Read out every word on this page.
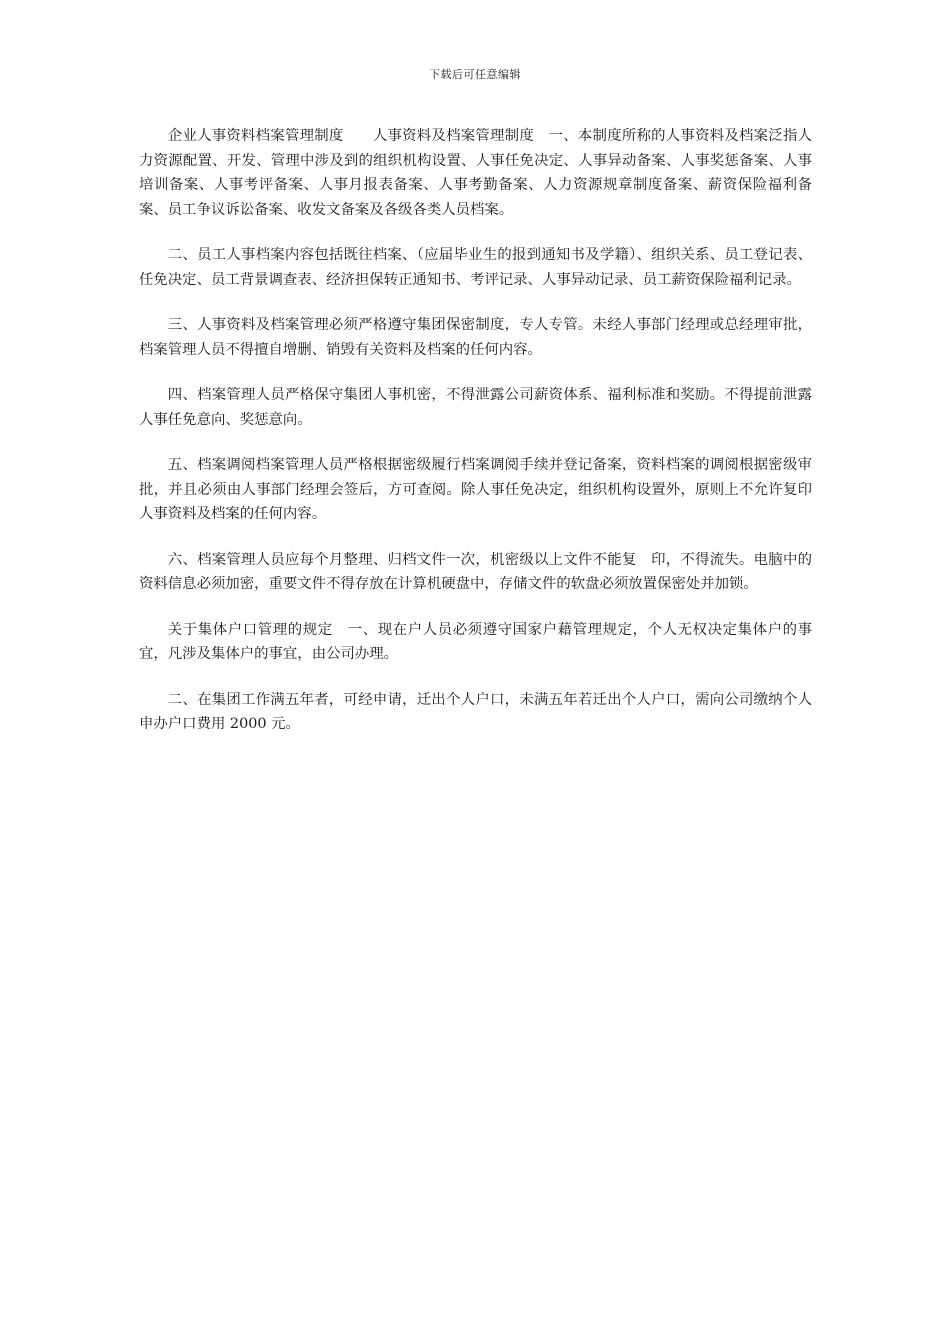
下载后可任意编辑

企业人事资料档案管理制度　　人事资料及档案管理制度　一、本制度所称的人事资料及档案泛指人力资源配置、开发、管理中涉及到的组织机构设置、人事任免决定、人事异动备案、人事奖惩备案、人事培训备案、人事考评备案、人事月报表备案、人事考勤备案、人力资源规章制度备案、薪资保险福利备案、员工争议诉讼备案、收发文备案及各级各类人员档案。

二、员工人事档案内容包括既往档案、（应届毕业生的报到通知书及学籍）、组织关系、员工登记表、任免决定、员工背景调查表、经济担保转正通知书、考评记录、人事异动记录、员工薪资保险福利记录。

三、人事资料及档案管理必须严格遵守集团保密制度，专人专管。未经人事部门经理或总经理审批，档案管理人员不得擅自增删、销毁有关资料及档案的任何内容。

四、档案管理人员严格保守集团人事机密，不得泄露公司薪资体系、福利标准和奖励。不得提前泄露人事任免意向、奖惩意向。

五、档案调阅档案管理人员严格根据密级履行档案调阅手续并登记备案，资料档案的调阅根据密级审批，并且必须由人事部门经理会签后，方可查阅。除人事任免决定，组织机构设置外，原则上不允许复印人事资料及档案的任何内容。

六、档案管理人员应每个月整理、归档文件一次，机密级以上文件不能复　印，不得流失。电脑中的资料信息必须加密，重要文件不得存放在计算机硬盘中，存储文件的软盘必须放置保密处并加锁。

关于集体户口管理的规定　一、现在户人员必须遵守国家户藉管理规定，个人无权决定集体户的事宜，凡涉及集体户的事宜，由公司办理。

二、在集团工作满五年者，可经申请，迁出个人户口，未满五年若迁出个人户口，需向公司缴纳个人申办户口费用 2000 元。
